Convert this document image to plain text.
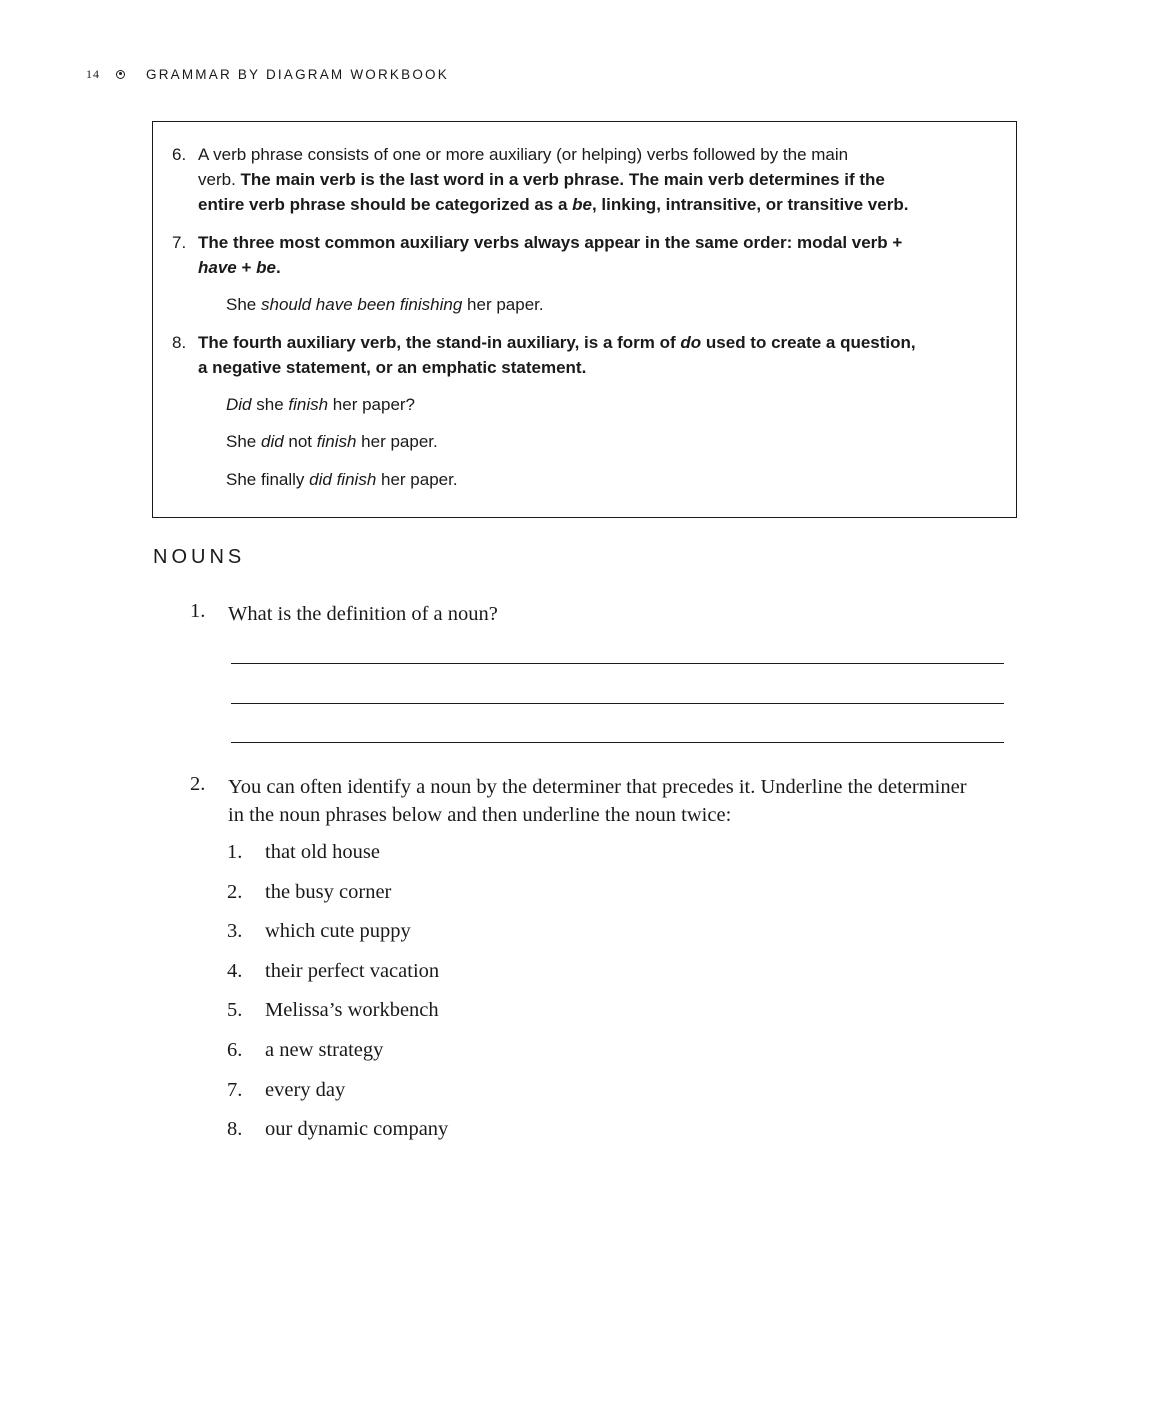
14	GRAMMAR BY DIAGRAM WORKBOOK
6. A verb phrase consists of one or more auxiliary (or helping) verbs followed by the main
verb. The main verb is the last word in a verb phrase. The main verb determines if the
entire verb phrase should be categorized as a be, linking, intransitive, or transitive verb.
7. The three most common auxiliary verbs always appear in the same order: modal verb +
have + be.
She should have been finishing her paper.
8. The fourth auxiliary verb, the stand-in auxiliary, is a form of do used to create a question,
a negative statement, or an emphatic statement.
Did she finish her paper?
She did not finish her paper.
She finally did finish her paper.
NOUNS
1. What is the definition of a noun?
2. You can often identify a noun by the determiner that precedes it. Underline the determiner
in the noun phrases below and then underline the noun twice:
1. that old house
2. the busy corner
3. which cute puppy
4. their perfect vacation
5. Melissa’s workbench
6. a new strategy
7. every day
8. our dynamic company
